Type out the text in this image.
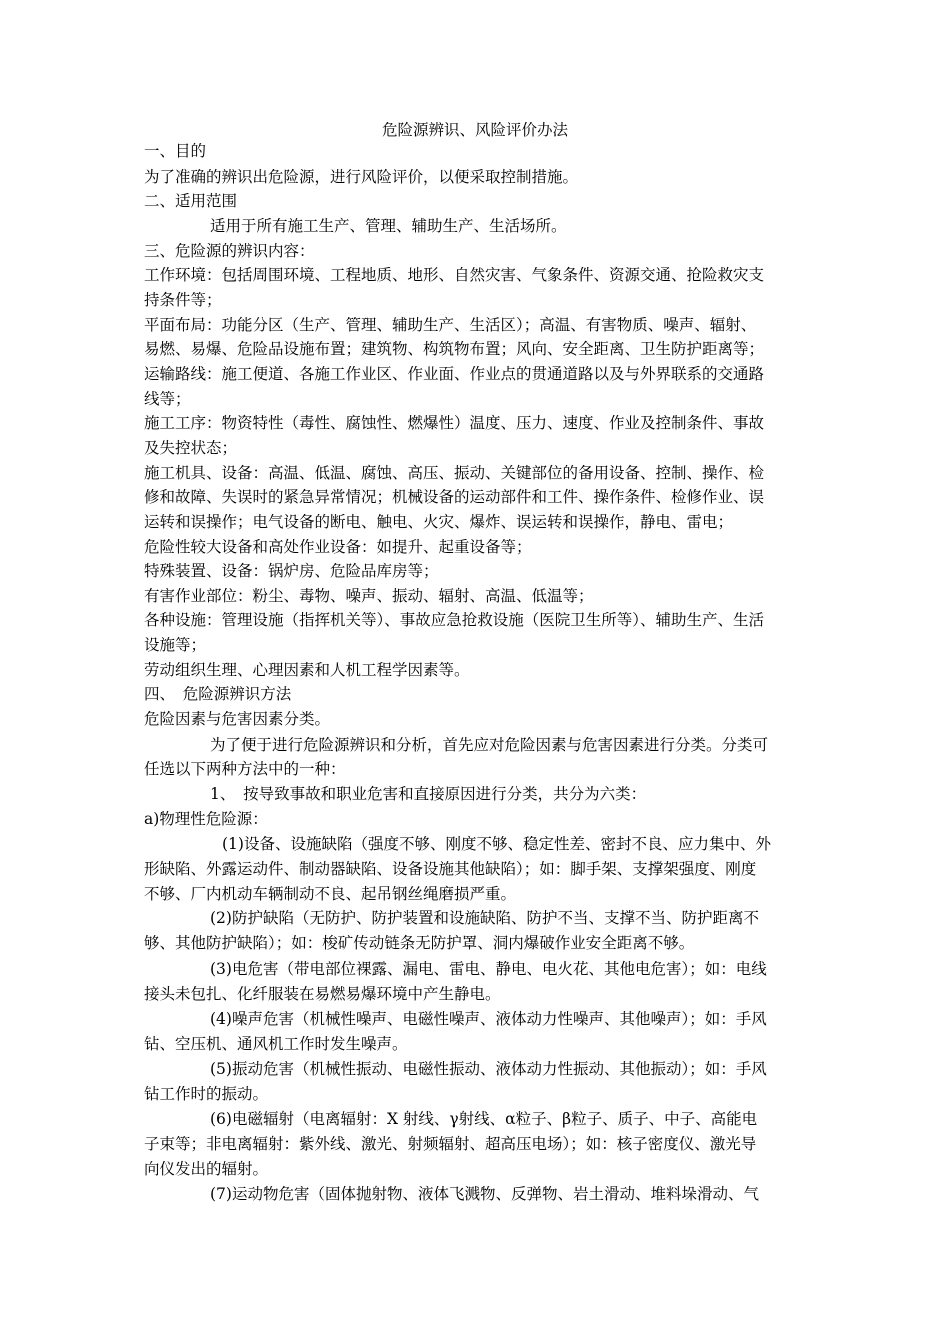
危险源辨识、风险评价办法
一、目的
为了准确的辨识出危险源，进行风险评价，以便采取控制措施。
二、适用范围
适用于所有施工生产、管理、辅助生产、生活场所。
三、危险源的辨识内容：
工作环境：包括周围环境、工程地质、地形、自然灾害、气象条件、资源交通、抢险救灾支
持条件等；
平面布局：功能分区（生产、管理、辅助生产、生活区）；高温、有害物质、噪声、辐射、
易燃、易爆、危险品设施布置；建筑物、构筑物布置；风向、安全距离、卫生防护距离等；
运输路线：施工便道、各施工作业区、作业面、作业点的贯通道路以及与外界联系的交通路
线等；
施工工序：物资特性（毒性、腐蚀性、燃爆性）温度、压力、速度、作业及控制条件、事故
及失控状态；
施工机具、设备：高温、低温、腐蚀、高压、振动、关键部位的备用设备、控制、操作、检
修和故障、失误时的紧急异常情况；机械设备的运动部件和工件、操作条件、检修作业、误
运转和误操作；电气设备的断电、触电、火灾、爆炸、误运转和误操作，静电、雷电；
危险性较大设备和高处作业设备：如提升、起重设备等；
特殊装置、设备：锅炉房、危险品库房等；
有害作业部位：粉尘、毒物、噪声、振动、辐射、高温、低温等；
各种设施：管理设施（指挥机关等）、事故应急抢救设施（医院卫生所等）、辅助生产、生活
设施等；
劳动组织生理、心理因素和人机工程学因素等。
四、　危险源辨识方法
危险因素与危害因素分类。
为了便于进行危险源辨识和分析，首先应对危险因素与危害因素进行分类。分类可
任选以下两种方法中的一种：
1、　按导致事故和职业危害和直接原因进行分类，共分为六类：
a)物理性危险源：
(1)设备、设施缺陷（强度不够、刚度不够、稳定性差、密封不良、应力集中、外
形缺陷、外露运动件、制动器缺陷、设备设施其他缺陷）；如：脚手架、支撑架强度、刚度
不够、厂内机动车辆制动不良、起吊钢丝绳磨损严重。
(2)防护缺陷（无防护、防护装置和设施缺陷、防护不当、支撑不当、防护距离不
够、其他防护缺陷）；如：梭矿传动链条无防护罩、洞内爆破作业安全距离不够。
(3)电危害（带电部位裸露、漏电、雷电、静电、电火花、其他电危害）；如：电线
接头未包扎、化纤服装在易燃易爆环境中产生静电。
(4)噪声危害（机械性噪声、电磁性噪声、液体动力性噪声、其他噪声）；如：手风
钻、空压机、通风机工作时发生噪声。
(5)振动危害（机械性振动、电磁性振动、液体动力性振动、其他振动）；如：手风
钻工作时的振动。
(6)电磁辐射（电离辐射：X 射线、γ射线、α粒子、β粒子、质子、中子、高能电
子束等；非电离辐射：紫外线、激光、射频辐射、超高压电场）；如：核子密度仪、激光导
向仪发出的辐射。
(7)运动物危害（固体抛射物、液体飞溅物、反弹物、岩土滑动、堆料垛滑动、气
